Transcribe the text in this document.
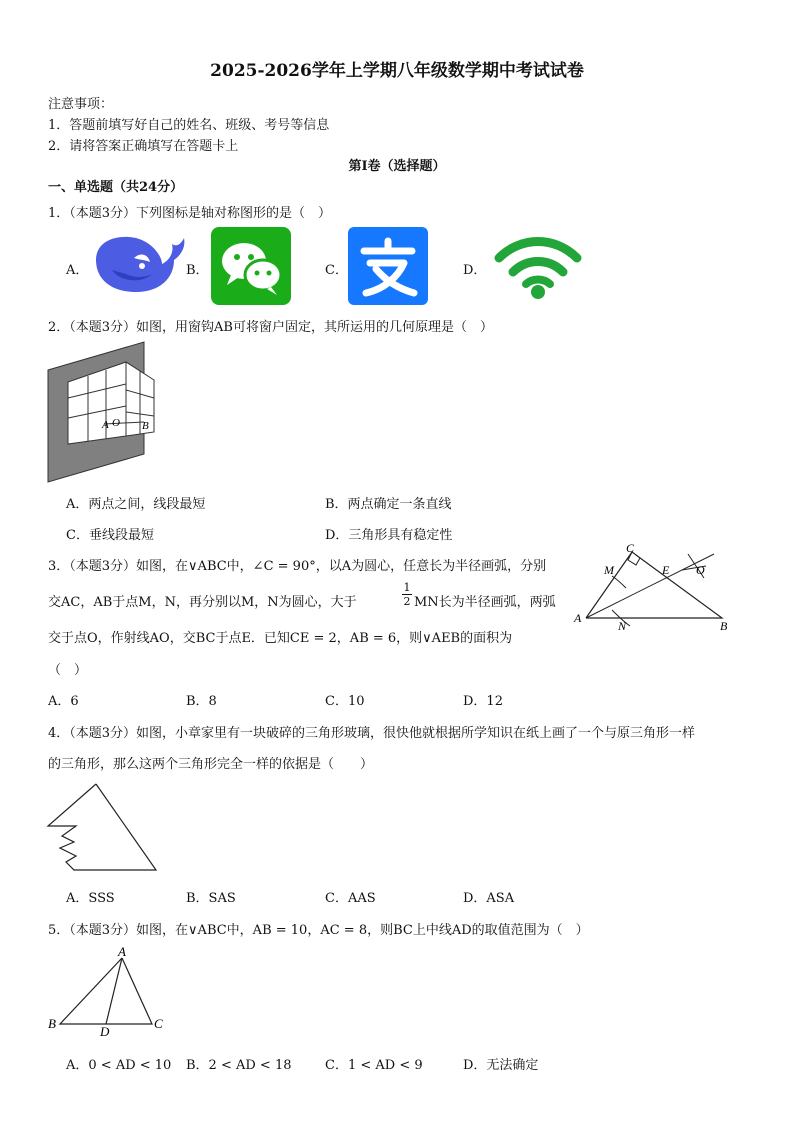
2025-2026学年上学期八年级数学期中考试试卷
注意事项：
1．答题前填写好自己的姓名、班级、考号等信息
2．请将答案正确填写在答题卡上
第I卷（选择题）
一、单选题（共24分）
1．（本题3分）下列图标是轴对称图形的是（　）
A．	B．	C．	D．
2．（本题3分）如图，用窗钩AB可将窗户固定，其所运用的几何原理是（　）
A O B
A．两点之间，线段最短	B．两点确定一条直线
C．垂线段最短	D．三角形具有稳定性
3．（本题3分）如图，在∨ABC中，∠C = 90°，以A为圆心，任意长为半径画弧，分别
交AC，AB于点M，N，再分别以M，N为圆心，大于	$\frac{1}{2}$ MN长为半径画弧，两弧
交于点O，作射线AO，交BC于点E．已知CE = 2，AB = 6，则∨AEB的面积为
（　）
C
M	E O
A
N	B
A．6	B．8	C．10	D．12
4．（本题3分）如图，小章家里有一块破碎的三角形玻璃，很快他就根据所学知识在纸上画了一个与原三角形一样
的三角形，那么这两个三角形完全一样的依据是（　　）
A．SSS	B．SAS	C．AAS	D．ASA
5．（本题3分）如图，在∨ABC中，AB = 10，AC = 8，则BC上中线AD的取值范围为（　）
A
B
D
C
A．0 < AD < 10 B．2 < AD < 18	C．1 < AD < 9	D．无法确定
